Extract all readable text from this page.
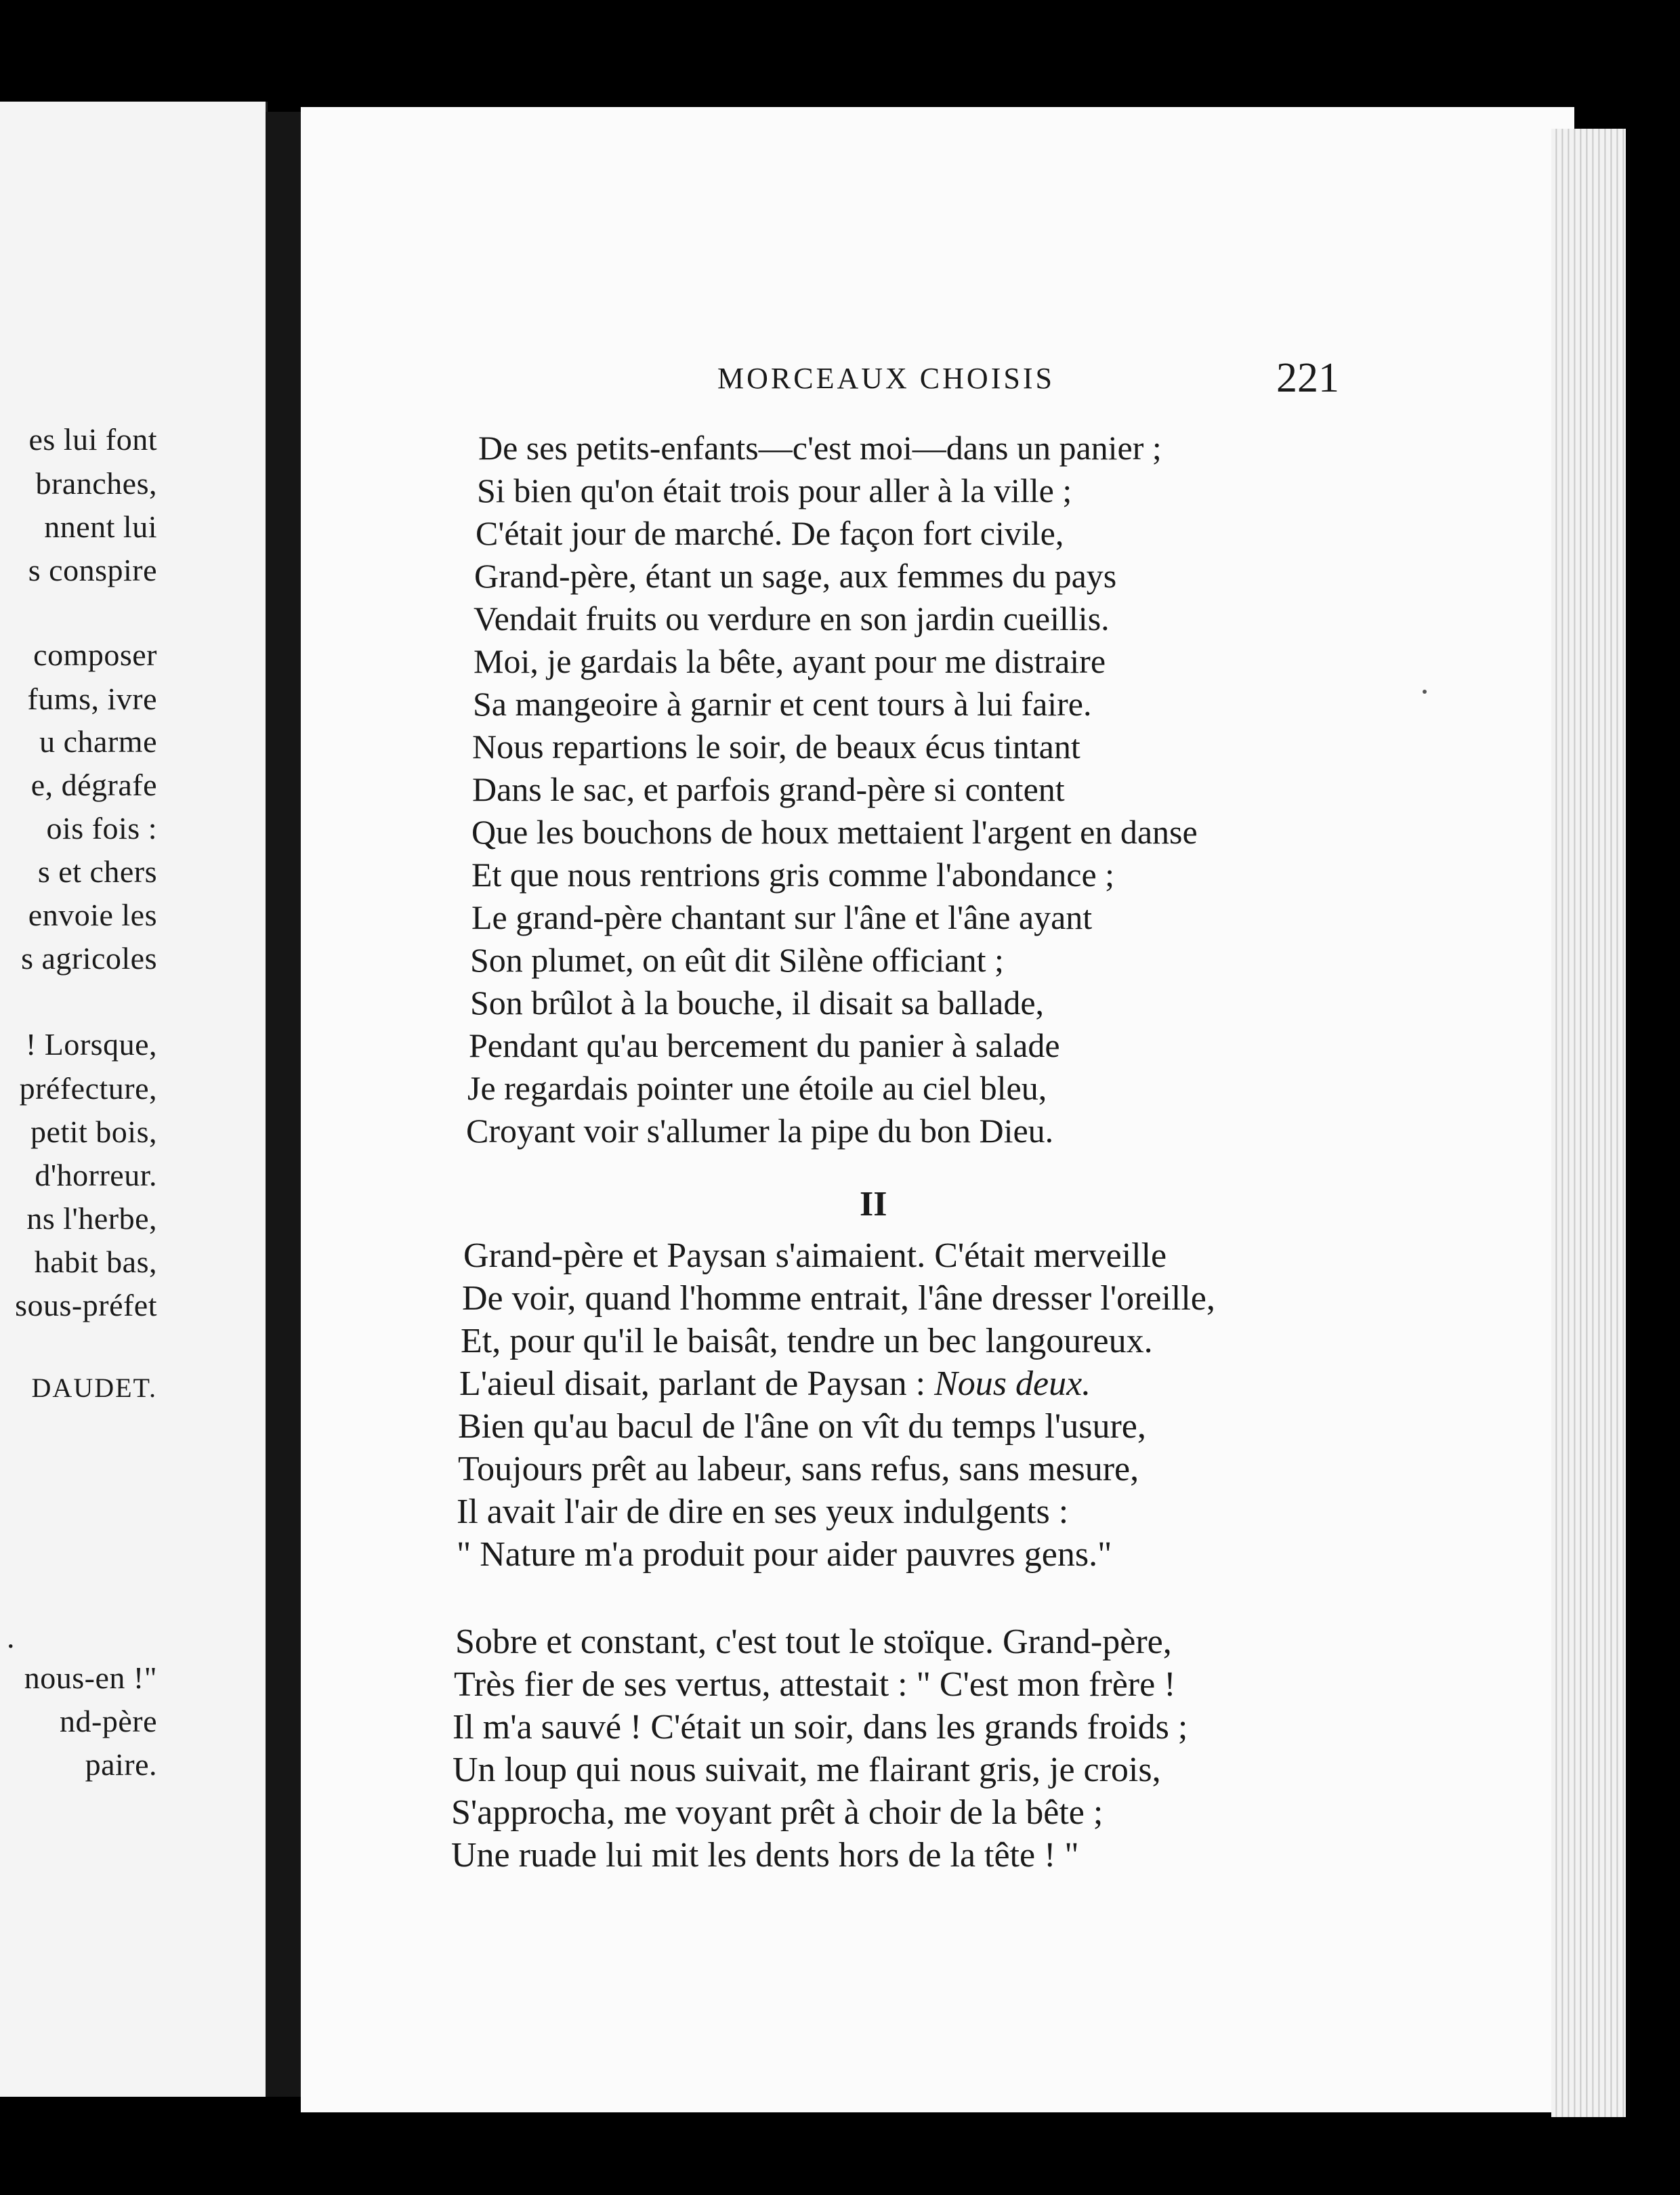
es lui font
branches,
nnent lui
s conspire
composer
fums, ivre
u charme
e, dégrafe
ois fois :
s et chers
envoie les
s agricoles
! Lorsque,
préfecture,
petit bois,
d'horreur.
ns l'herbe,
habit bas,
sous-préfet
DAUDET.
.
nous-en !"
nd-père
paire.
MORCEAUX CHOISIS	221
De ses petits-enfants—c'est moi—dans un panier ;
Si bien qu'on était trois pour aller à la ville ;
C'était jour de marché. De façon fort civile,
Grand-père, étant un sage, aux femmes du pays
Vendait fruits ou verdure en son jardin cueillis.
Moi, je gardais la bête, ayant pour me distraire
Sa mangeoire à garnir et cent tours à lui faire.
Nous repartions le soir, de beaux écus tintant
Dans le sac, et parfois grand-père si content
Que les bouchons de houx mettaient l'argent en danse
Et que nous rentrions gris comme l'abondance ;
Le grand-père chantant sur l'âne et l'âne ayant
Son plumet, on eût dit Silène officiant ;
Son brûlot à la bouche, il disait sa ballade,
Pendant qu'au bercement du panier à salade
Je regardais pointer une étoile au ciel bleu,
Croyant voir s'allumer la pipe du bon Dieu.
II
Grand-père et Paysan s'aimaient. C'était merveille
De voir, quand l'homme entrait, l'âne dresser l'oreille,
Et, pour qu'il le baisât, tendre un bec langoureux.
L'aieul disait, parlant de Paysan : Nous deux.
Bien qu'au bacul de l'âne on vît du temps l'usure,
Toujours prêt au labeur, sans refus, sans mesure,
Il avait l'air de dire en ses yeux indulgents :
" Nature m'a produit pour aider pauvres gens."
Sobre et constant, c'est tout le stoïque. Grand-père,
Très fier de ses vertus, attestait : " C'est mon frère !
Il m'a sauvé ! C'était un soir, dans les grands froids ;
Un loup qui nous suivait, me flairant gris, je crois,
S'approcha, me voyant prêt à choir de la bête ;
Une ruade lui mit les dents hors de la tête ! "
